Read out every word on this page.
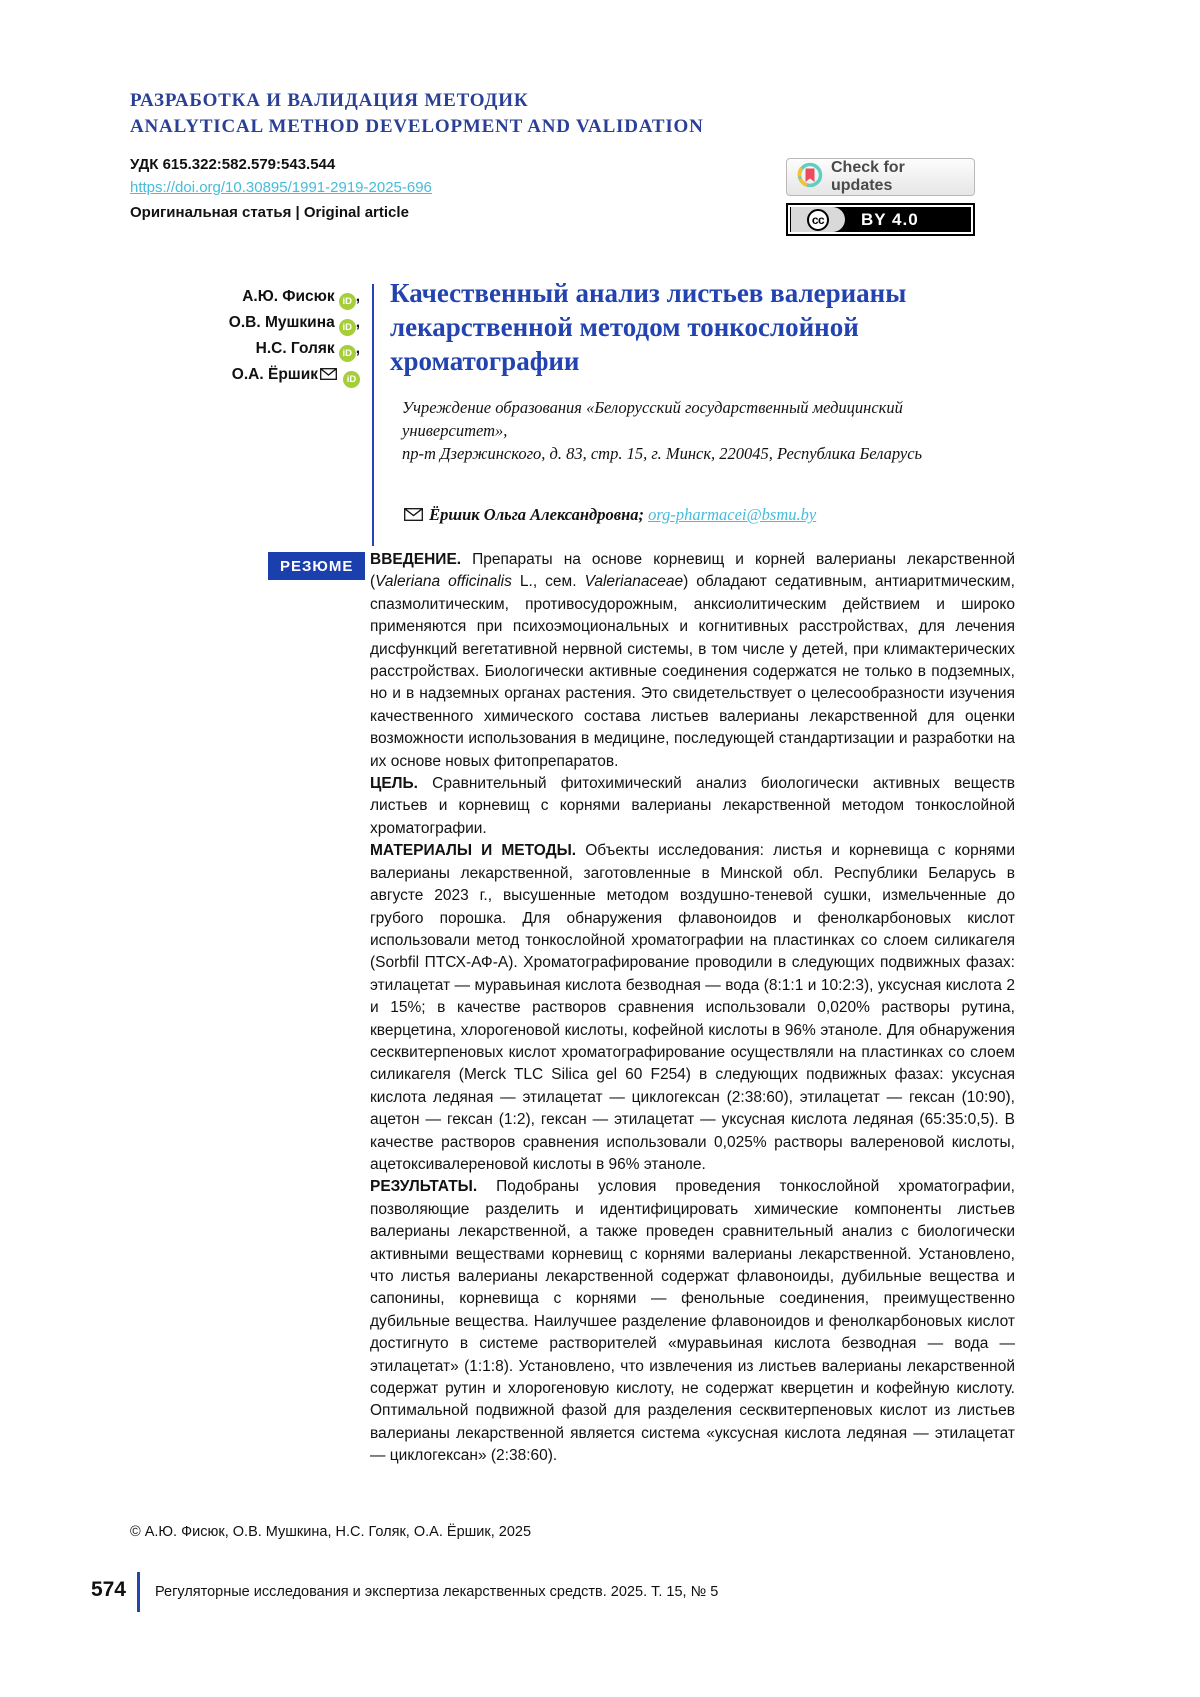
РАЗРАБОТКА И ВАЛИДАЦИЯ МЕТОДИК
ANALYTICAL METHOD DEVELOPMENT AND VALIDATION
УДК 615.322:582.579:543.544
https://doi.org/10.30895/1991-2919-2025-696
Оригинальная статья | Original article
Check for updates
cc BY 4.0
А.Ю. Фисюк iD ,
О.В. Мушкина iD ,
Н.С. Голяк iD ,
О.А. Ёршик	iD
Качественный анализ листьев валерианы лекарственной методом тонкослойной хроматографии
Учреждение образования «Белорусский государственный медицинский университет»,
пр-т Дзержинского, д. 83, стр. 15, г. Минск, 220045, Республика Беларусь
Ёршик Ольга Александровна; org-pharmacei@bsmu.by
РЕЗЮМЕ	ВВЕДЕНИЕ. Препараты на основе корневищ и корней валерианы лекарственной (Valeriana officinalis L., сем. Valerianaceae) обладают седативным, антиаритмическим, спазмолитическим, противосудорожным, анксиолитическим действием и широко применяются при психоэмоциональных и когнитивных расстройствах, для лечения дисфункций вегетативной нервной системы, в том числе у детей, при климактерических расстройствах. Биологически активные соединения содержатся не только в подземных, но и в надземных органах растения. Это свидетельствует о целесообразности изучения качественного химического состава листьев валерианы лекарственной для оценки возможности использования в медицине, последующей стандартизации и разработки на их основе новых фитопрепаратов.

ЦЕЛЬ. Сравнительный фитохимический анализ биологически активных веществ листьев и корневищ с корнями валерианы лекарственной методом тонкослойной хроматографии.

МАТЕРИАЛЫ И МЕТОДЫ. Объекты исследования: листья и корневища с корнями валерианы лекарственной, заготовленные в Минской обл. Республики Беларусь в августе 2023 г., высушенные методом воздушно-теневой сушки, измельченные до грубого порошка. Для обнаружения флавоноидов и фенолкарбоновых кислот использовали метод тонкослойной хроматографии на пластинках со слоем силикагеля (Sorbfil ПТСХ-АФ-А). Хроматографирование проводили в следующих подвижных фазах: этилацетат — муравьиная кислота безводная — вода (8:1:1 и 10:2:3), уксусная кислота 2 и 15%; в качестве растворов сравнения использовали 0,020% растворы рутина, кверцетина, хлорогеновой кислоты, кофейной кислоты в 96% этаноле. Для обнаружения сесквитерпеновых кислот хроматографирование осуществляли на пластинках со слоем силикагеля (Merck TLC Silica gel 60 F254) в следующих подвижных фазах: уксусная кислота ледяная — этилацетат — циклогексан (2:38:60), этилацетат — гексан (10:90), ацетон — гексан (1:2), гексан — этилацетат — уксусная кислота ледяная (65:35:0,5). В качестве растворов сравнения использовали 0,025% растворы валереновой кислоты, ацетоксивалереновой кислоты в 96% этаноле.

РЕЗУЛЬТАТЫ. Подобраны условия проведения тонкослойной хроматографии, позволяющие разделить и идентифицировать химические компоненты листьев валерианы лекарственной, а также проведен сравнительный анализ с биологически активными веществами корневищ с корнями валерианы лекарственной. Установлено, что листья валерианы лекарственной содержат флавоноиды, дубильные вещества и сапонины, корневища с корнями — фенольные соединения, преимущественно дубильные вещества. Наилучшее разделение флавоноидов и фенолкарбоновых кислот достигнуто в системе растворителей «муравьиная кислота безводная — вода — этилацетат» (1:1:8). Установлено, что извлечения из листьев валерианы лекарственной содержат рутин и хлорогеновую кислоту, не содержат кверцетин и кофейную кислоту. Оптимальной подвижной фазой для разделения сесквитерпеновых кислот из листьев валерианы лекарственной является система «уксусная кислота ледяная — этилацетат — циклогексан» (2:38:60).

© А.Ю. Фисюк, О.В. Мушкина, Н.С. Голяк, О.А. Ёршик, 2025
574 Регуляторные исследования и экспертиза лекарственных средств. 2025. Т. 15, № 5
